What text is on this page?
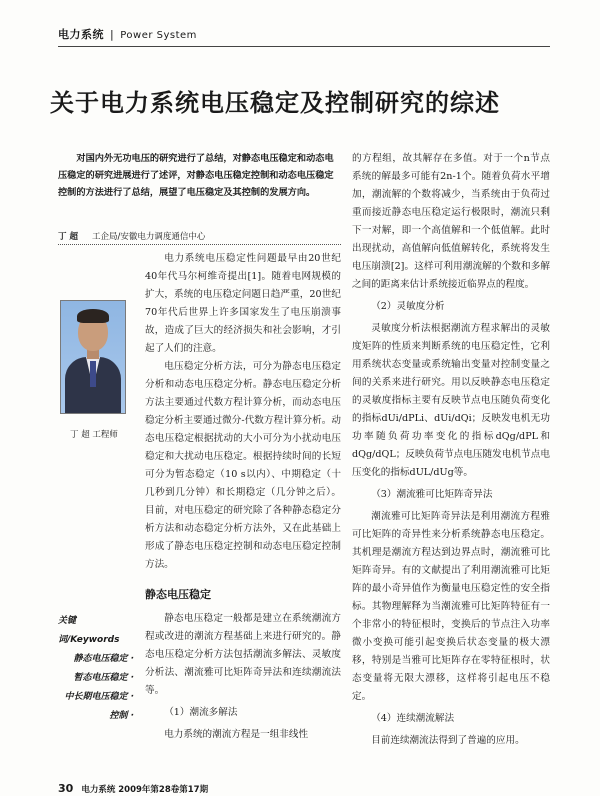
电力系统 | Power System
关于电力系统电压稳定及控制研究的综述
对国内外无功电压的研究进行了总结，对静态电压稳定和动态电压稳定的研究进展进行了述评，对静态电压稳定控制和动态电压稳定控制的方法进行了总结，展望了电压稳定及其控制的发展方向。
丁 超 工企局/安徽电力调度通信中心
丁 超 工程师
关键词/Keywords
静态电压稳定 ·
暂态电压稳定 ·
中长期电压稳定 ·
控制 ·

电力系统电压稳定性问题最早由20世纪40年代马尔柯维奇提出[1]。随着电网规模的扩大，系统的电压稳定问题日趋严重，20世纪70年代后世界上许多国家发生了电压崩溃事故，造成了巨大的经济损失和社会影响，才引起了人们的注意。

电压稳定分析方法，可分为静态电压稳定分析和动态电压稳定分析。静态电压稳定分析方法主要通过代数方程计算分析，而动态电压稳定分析主要通过微分-代数方程计算分析。动态电压稳定根据扰动的大小可分为小扰动电压稳定和大扰动电压稳定。根据持续时间的长短可分为暂态稳定（10 s以内）、中期稳定（十几秒到几分钟）和长期稳定（几分钟之后）。目前，对电压稳定的研究除了各种静态稳定分析方法和动态稳定分析方法外，又在此基础上形成了静态电压稳定控制和动态电压稳定控制方法。

静态电压稳定

静态电压稳定一般都是建立在系统潮流方程或改进的潮流方程基础上来进行研究的。静态电压稳定分析方法包括潮流多解法、灵敏度分析法、潮流雅可比矩阵奇异法和连续潮流法等。

（1）潮流多解法

电力系统的潮流方程是一组非线性

的方程组，故其解存在多值。对于一个n节点系统的解最多可能有2n-1个。随着负荷水平增加，潮流解的个数将减少，当系统由于负荷过重而接近静态电压稳定运行极限时，潮流只剩下一对解，即一个高值解和一个低值解。此时出现扰动，高值解向低值解转化，系统将发生电压崩溃[2]。这样可利用潮流解的个数和多解之间的距离来估计系统接近临界点的程度。

（2）灵敏度分析

灵敏度分析法根据潮流方程求解出的灵敏度矩阵的性质来判断系统的电压稳定性，它利用系统状态变量或系统输出变量对控制变量之间的关系来进行研究。用以反映静态电压稳定的灵敏度指标主要有反映节点电压随负荷变化的指标dUi/dPLi、dUi/dQi；反映发电机无功功率随负荷功率变化的指标dQg/dPL和dQg/dQL；反映负荷节点电压随发电机节点电压变化的指标dUL/dUg等。

（3）潮流雅可比矩阵奇异法

潮流雅可比矩阵奇异法是利用潮流方程雅可比矩阵的奇异性来分析系统静态电压稳定。其机理是潮流方程达到边界点时，潮流雅可比矩阵奇异。有的文献提出了利用潮流雅可比矩阵的最小奇异值作为衡量电压稳定性的安全指标。其物理解释为当潮流雅可比矩阵特征有一个非常小的特征根时，变换后的节点注入功率微小变换可能引起变换后状态变量的极大漂移，特别是当雅可比矩阵存在零特征根时，状态变量将无限大漂移，这样将引起电压不稳定。

（4）连续潮流解法

目前连续潮流法得到了普遍的应用。

30 电力系统 2009年第28卷第17期
